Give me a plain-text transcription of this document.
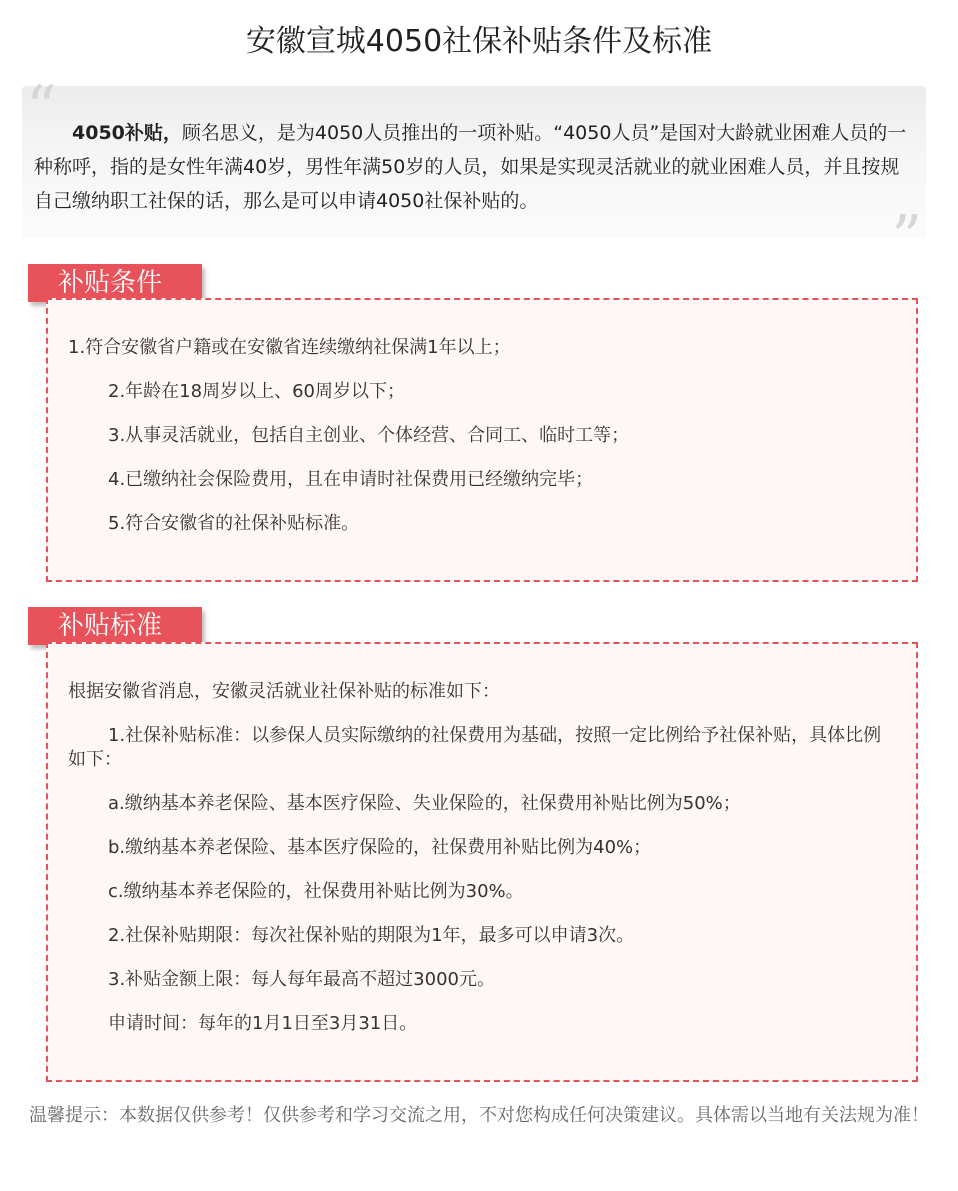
安徽宣城4050社保补贴条件及标准
“ 4050补贴，顾名思义，是为4050人员推出的一项补贴。“4050人员”是国对大龄就业困难人员的一种称呼，指的是女性年满40岁，男性年满50岁的人员，如果是实现灵活就业的就业困难人员，并且按规自己缴纳职工社保的话，那么是可以申请4050社保补贴的。

”
补贴条件

1.符合安徽省户籍或在安徽省连续缴纳社保满1年以上；

2.年龄在18周岁以上、60周岁以下；

3.从事灵活就业，包括自主创业、个体经营、合同工、临时工等；

4.已缴纳社会保险费用，且在申请时社保费用已经缴纳完毕；

5.符合安徽省的社保补贴标准。

补贴标准

根据安徽省消息，安徽灵活就业社保补贴的标准如下：

1.社保补贴标准：以参保人员实际缴纳的社保费用为基础，按照一定比例给予社保补贴，具体比例如下：

a.缴纳基本养老保险、基本医疗保险、失业保险的，社保费用补贴比例为50%；

b.缴纳基本养老保险、基本医疗保险的，社保费用补贴比例为40%；

c.缴纳基本养老保险的，社保费用补贴比例为30%。

2.社保补贴期限：每次社保补贴的期限为1年，最多可以申请3次。

3.补贴金额上限：每人每年最高不超过3000元。

申请时间：每年的1月1日至3月31日。

温馨提示：本数据仅供参考！仅供参考和学习交流之用，不对您构成任何决策建议。具体需以当地有关法规为准！
